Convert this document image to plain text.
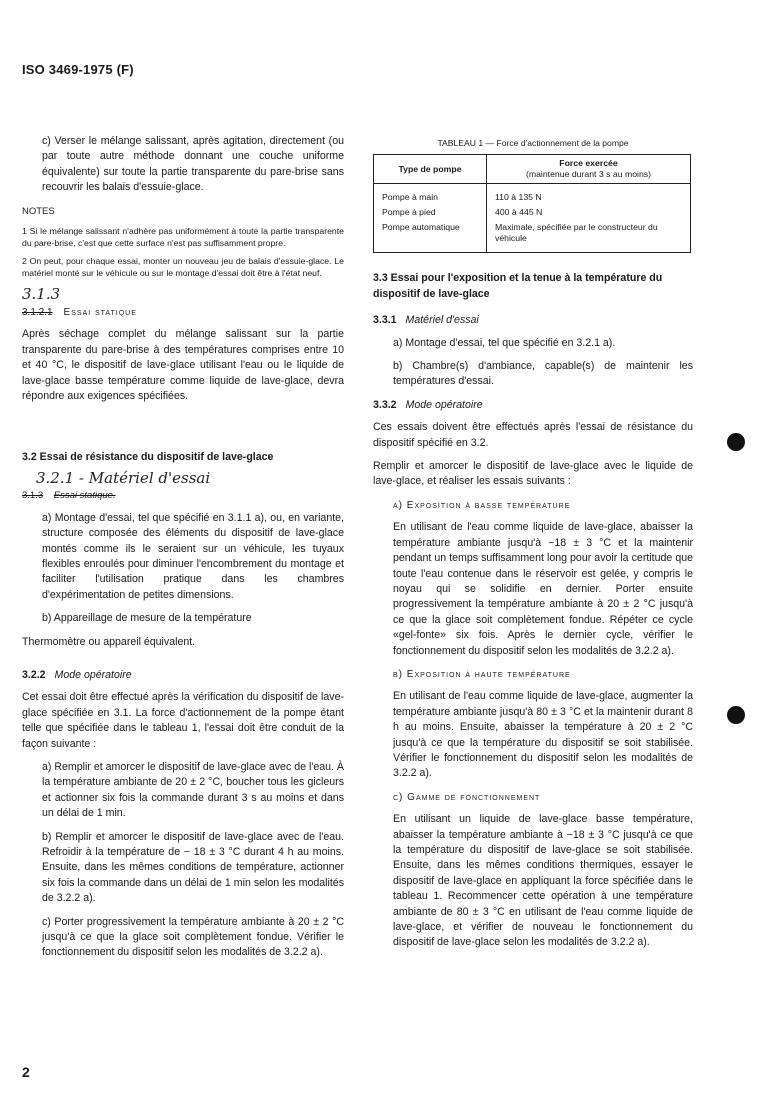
ISO 3469-1975 (F)

c) Verser le mélange salissant, après agitation, directement (ou par toute autre méthode donnant une couche uniforme équivalente) sur toute la partie transparente du pare-brise sans recouvrir les balais d'essuie-glace.

NOTES

1 Si le mélange salissant n'adhère pas uniformément à toute la partie transparente du pare-brise, c'est que cette surface n'est pas suffisamment propre.

2 On peut, pour chaque essai, monter un nouveau jeu de balais d'essuie-glace. Le matériel monté sur le véhicule ou sur le montage d'essai doit être à l'état neuf.

3.1.3
3.1.2.1 Essai statique

Après séchage complet du mélange salissant sur la partie transparente du pare-brise à des températures comprises entre 10 et 40 °C, le dispositif de lave-glace utilisant l'eau ou le liquide de lave-glace basse température comme liquide de lave-glace, devra répondre aux exigences spécifiées.

3.2 Essai de résistance du dispositif de lave-glace
3.2.1 - Matériel d'essai
3.1.3 Essai statique.

a) Montage d'essai, tel que spécifié en 3.1.1 a), ou, en variante, structure composée des éléments du dispositif de lave-glace montés comme ils le seraient sur un véhicule, les tuyaux flexibles enroulés pour diminuer l'encombrement du montage et faciliter l'utilisation pratique dans les chambres d'expérimentation de petites dimensions.

b) Appareillage de mesure de la température

Thermomètre ou appareil équivalent.

3.2.2 Mode opératoire

Cet essai doit être effectué après la vérification du dispositif de lave-glace spécifiée en 3.1. La force d'actionnement de la pompe étant telle que spécifiée dans le tableau 1, l'essai doit être conduit de la façon suivante :

a) Remplir et amorcer le dispositif de lave-glace avec de l'eau. À la température ambiante de 20 ± 2 °C, boucher tous les gicleurs et actionner six fois la commande durant 3 s au moins et dans un délai de 1 min.

b) Remplir et amorcer le dispositif de lave-glace avec de l'eau. Refroidir à la température de − 18 ± 3 °C durant 4 h au moins. Ensuite, dans les mêmes conditions de température, actionner six fois la commande dans un délai de 1 min selon les modalités de 3.2.2 a).

c) Porter progressivement la température ambiante à 20 ± 2 °C jusqu'à ce que la glace soit complètement fondue. Vérifier le fonctionnement du dispositif selon les modalités de 3.2.2 a).

TABLEAU 1 — Force d'actionnement de la pompe
Type de pompe	Force exercée
(maintenue durant 3 s au moins)

Pompe à main	110 à 135 N
Pompe à pied	400 à 445 N
Pompe automatique	Maximale, spécifiée par le constructeur du véhicule
3.3 Essai pour l'exposition et la tenue à la température du dispositif de lave-glace
3.3.1 Matériel d'essai

a) Montage d'essai, tel que spécifié en 3.2.1 a).

b) Chambre(s) d'ambiance, capable(s) de maintenir les températures d'essai.

3.3.2 Mode opératoire

Ces essais doivent être effectués après l'essai de résistance du dispositif spécifié en 3.2.

Remplir et amorcer le dispositif de lave-glace avec le liquide de lave-glace, et réaliser les essais suivants :

a) Exposition à basse température

En utilisant de l'eau comme liquide de lave-glace, abaisser la température ambiante jusqu'à −18 ± 3 °C et la maintenir pendant un temps suffisamment long pour avoir la certitude que toute l'eau contenue dans le réservoir est gelée, y compris le noyau qui se solidifie en dernier. Porter ensuite progressivement la température ambiante à 20 ± 2 °C jusqu'à ce que la glace soit complètement fondue. Répéter ce cycle «gel-fonte» six fois. Après le dernier cycle, vérifier le fonctionnement du dispositif selon les modalités de 3.2.2 a).

b) Exposition à haute température

En utilisant de l'eau comme liquide de lave-glace, augmenter la température ambiante jusqu'à 80 ± 3 °C et la maintenir durant 8 h au moins. Ensuite, abaisser la température à 20 ± 2 °C jusqu'à ce que la température du dispositif se soit stabilisée. Vérifier le fonctionnement du dispositif selon les modalités de 3.2.2 a).

c) Gamme de fonctionnement

En utilisant un liquide de lave-glace basse température, abaisser la température ambiante à −18 ± 3 °C jusqu'à ce que la température du dispositif de lave-glace se soit stabilisée. Ensuite, dans les mêmes conditions thermiques, essayer le dispositif de lave-glace en appliquant la force spécifiée dans le tableau 1. Recommencer cette opération à une température ambiante de 80 ± 3 °C en utilisant de l'eau comme liquide de lave-glace, et vérifier de nouveau le fonctionnement du dispositif de lave-glace selon les modalités de 3.2.2 a).

2
